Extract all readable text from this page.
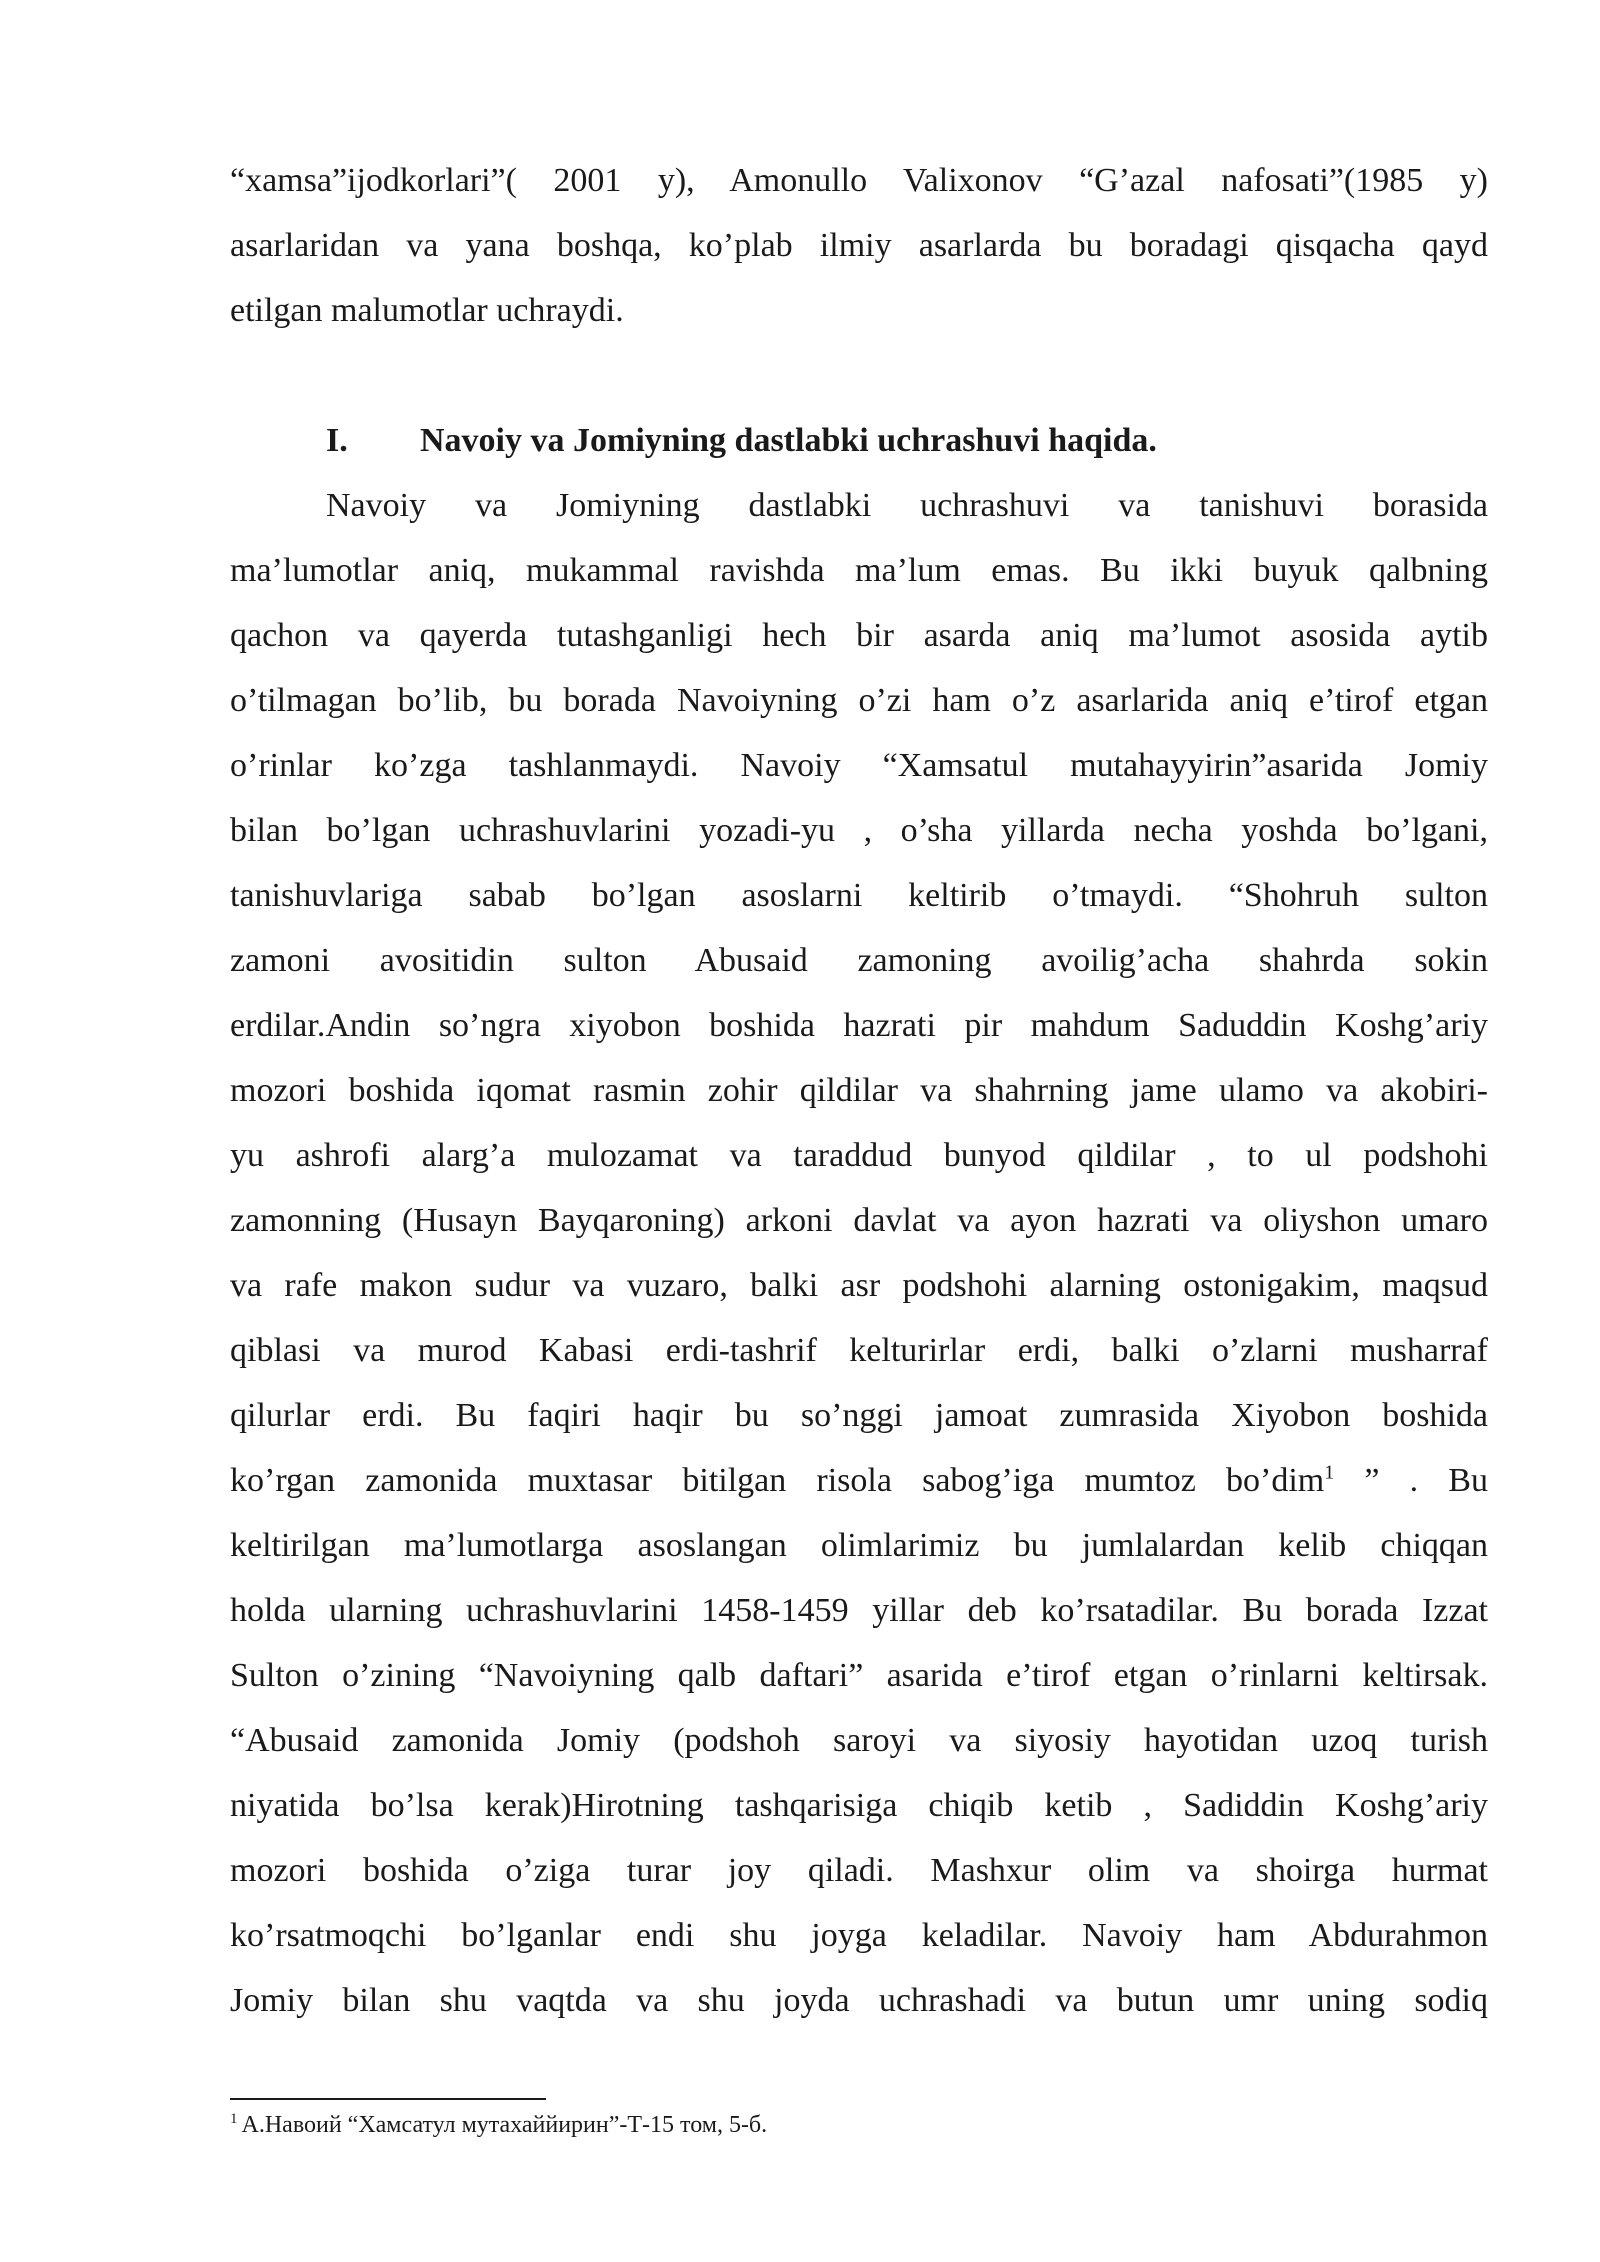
“xamsa”ijodkorlari”( 2001 y), Amonullo Valixonov “G’azal nafosati”(1985 y)
asarlaridan va yana boshqa, ko’plab ilmiy asarlarda bu boradagi qisqacha qayd
etilgan malumotlar uchraydi.

I. Navoiy va Jomiyning dastlabki uchrashuvi haqida.

Navoiy va Jomiyning dastlabki uchrashuvi va tanishuvi borasida
ma’lumotlar aniq, mukammal ravishda ma’lum emas. Bu ikki buyuk qalbning
qachon va qayerda tutashganligi hech bir asarda aniq ma’lumot asosida aytib
o’tilmagan bo’lib, bu borada Navoiyning o’zi ham o’z asarlarida aniq e’tirof etgan
o’rinlar ko’zga tashlanmaydi. Navoiy “Xamsatul mutahayyirin”asarida Jomiy
bilan bo’lgan uchrashuvlarini yozadi-yu , o’sha yillarda necha yoshda bo’lgani,
tanishuvlariga sabab bo’lgan asoslarni keltirib o’tmaydi. “Shohruh sulton
zamoni avositidin sulton Abusaid zamoning avoilig’acha shahrda sokin
erdilar.Andin so’ngra xiyobon boshida hazrati pir mahdum Saduddin Koshg’ariy
mozori boshida iqomat rasmin zohir qildilar va shahrning jame ulamo va akobiri-
yu ashrofi alarg’a mulozamat va taraddud bunyod qildilar , to ul podshohi
zamonning (Husayn Bayqaroning) arkoni davlat va ayon hazrati va oliyshon umaro
va rafe makon sudur va vuzaro, balki asr podshohi alarning ostonigakim, maqsud
qiblasi va murod Kabasi erdi-tashrif kelturirlar erdi, balki o’zlarni musharraf
qilurlar erdi. Bu faqiri haqir bu so’nggi jamoat zumrasida Xiyobon boshida
ko’rgan zamonida muxtasar bitilgan risola sabog’iga mumtoz bo’dim$^1$ ” . Bu
keltirilgan ma’lumotlarga asoslangan olimlarimiz bu jumlalardan kelib chiqqan
holda ularning uchrashuvlarini 1458-1459 yillar deb ko’rsatadilar. Bu borada Izzat
Sulton o’zining “Navoiyning qalb daftari” asarida e’tirof etgan o’rinlarni keltirsak.
“Abusaid zamonida Jomiy (podshoh saroyi va siyosiy hayotidan uzoq turish
niyatida bo’lsa kerak)Hirotning tashqarisiga chiqib ketib , Sadiddin Koshg’ariy
mozori boshida o’ziga turar joy qiladi. Mashxur olim va shoirga hurmat
ko’rsatmoqchi bo’lganlar endi shu joyga keladilar. Navoiy ham Abdurahmon
Jomiy bilan shu vaqtda va shu joyda uchrashadi va butun umr uning sodiq

$^1$ А.Навоий “Хамсатул мутахаййирин”-Т-15 том, 5-б.
